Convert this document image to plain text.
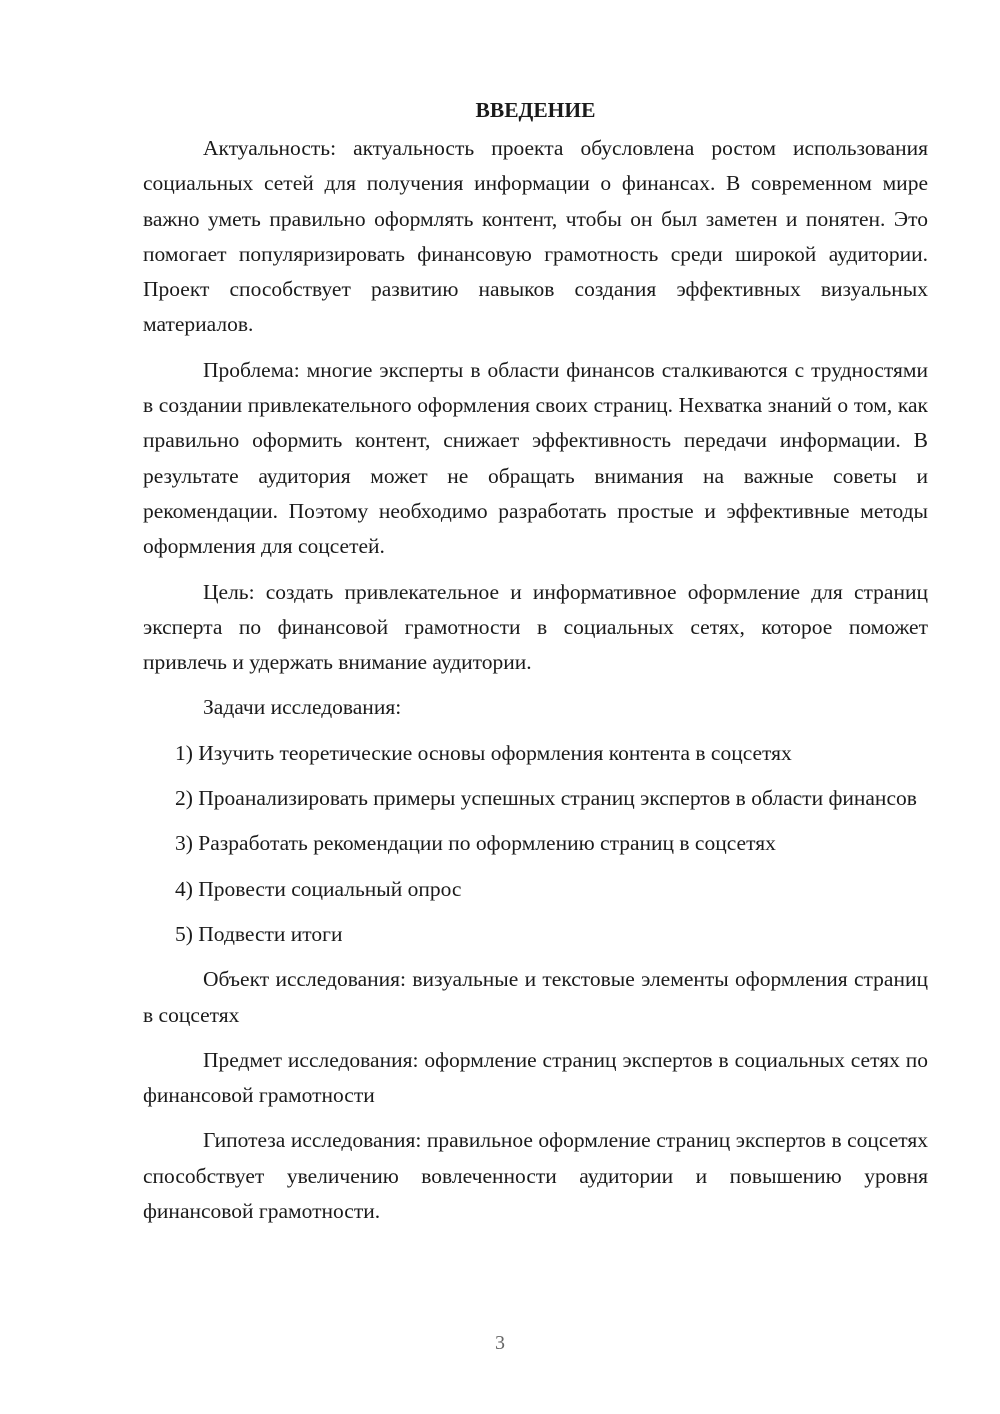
ВВЕДЕНИЕ

Актуальность: актуальность проекта обусловлена ростом использования социальных сетей для получения информации о финансах. В современном мире важно уметь правильно оформлять контент, чтобы он был заметен и понятен. Это помогает популяризировать финансовую грамотность среди широкой аудитории. Проект способствует развитию навыков создания эффективных визуальных материалов.

Проблема: многие эксперты в области финансов сталкиваются с трудностями в создании привлекательного оформления своих страниц. Нехватка знаний о том, как правильно оформить контент, снижает эффективность передачи информации. В результате аудитория может не обращать внимания на важные советы и рекомендации. Поэтому необходимо разработать простые и эффективные методы оформления для соцсетей.

Цель: создать привлекательное и информативное оформление для страниц эксперта по финансовой грамотности в социальных сетях, которое поможет привлечь и удержать внимание аудитории.

Задачи исследования:

1) Изучить теоретические основы оформления контента в соцсетях

2) Проанализировать примеры успешных страниц экспертов в области финансов

3) Разработать рекомендации по оформлению страниц в соцсетях

4) Провести социальный опрос

5) Подвести итоги

Объект исследования: визуальные и текстовые элементы оформления страниц в соцсетях

Предмет исследования: оформление страниц экспертов в социальных сетях по финансовой грамотности

Гипотеза исследования: правильное оформление страниц экспертов в соцсетях способствует увеличению вовлеченности аудитории и повышению уровня финансовой грамотности.

3
